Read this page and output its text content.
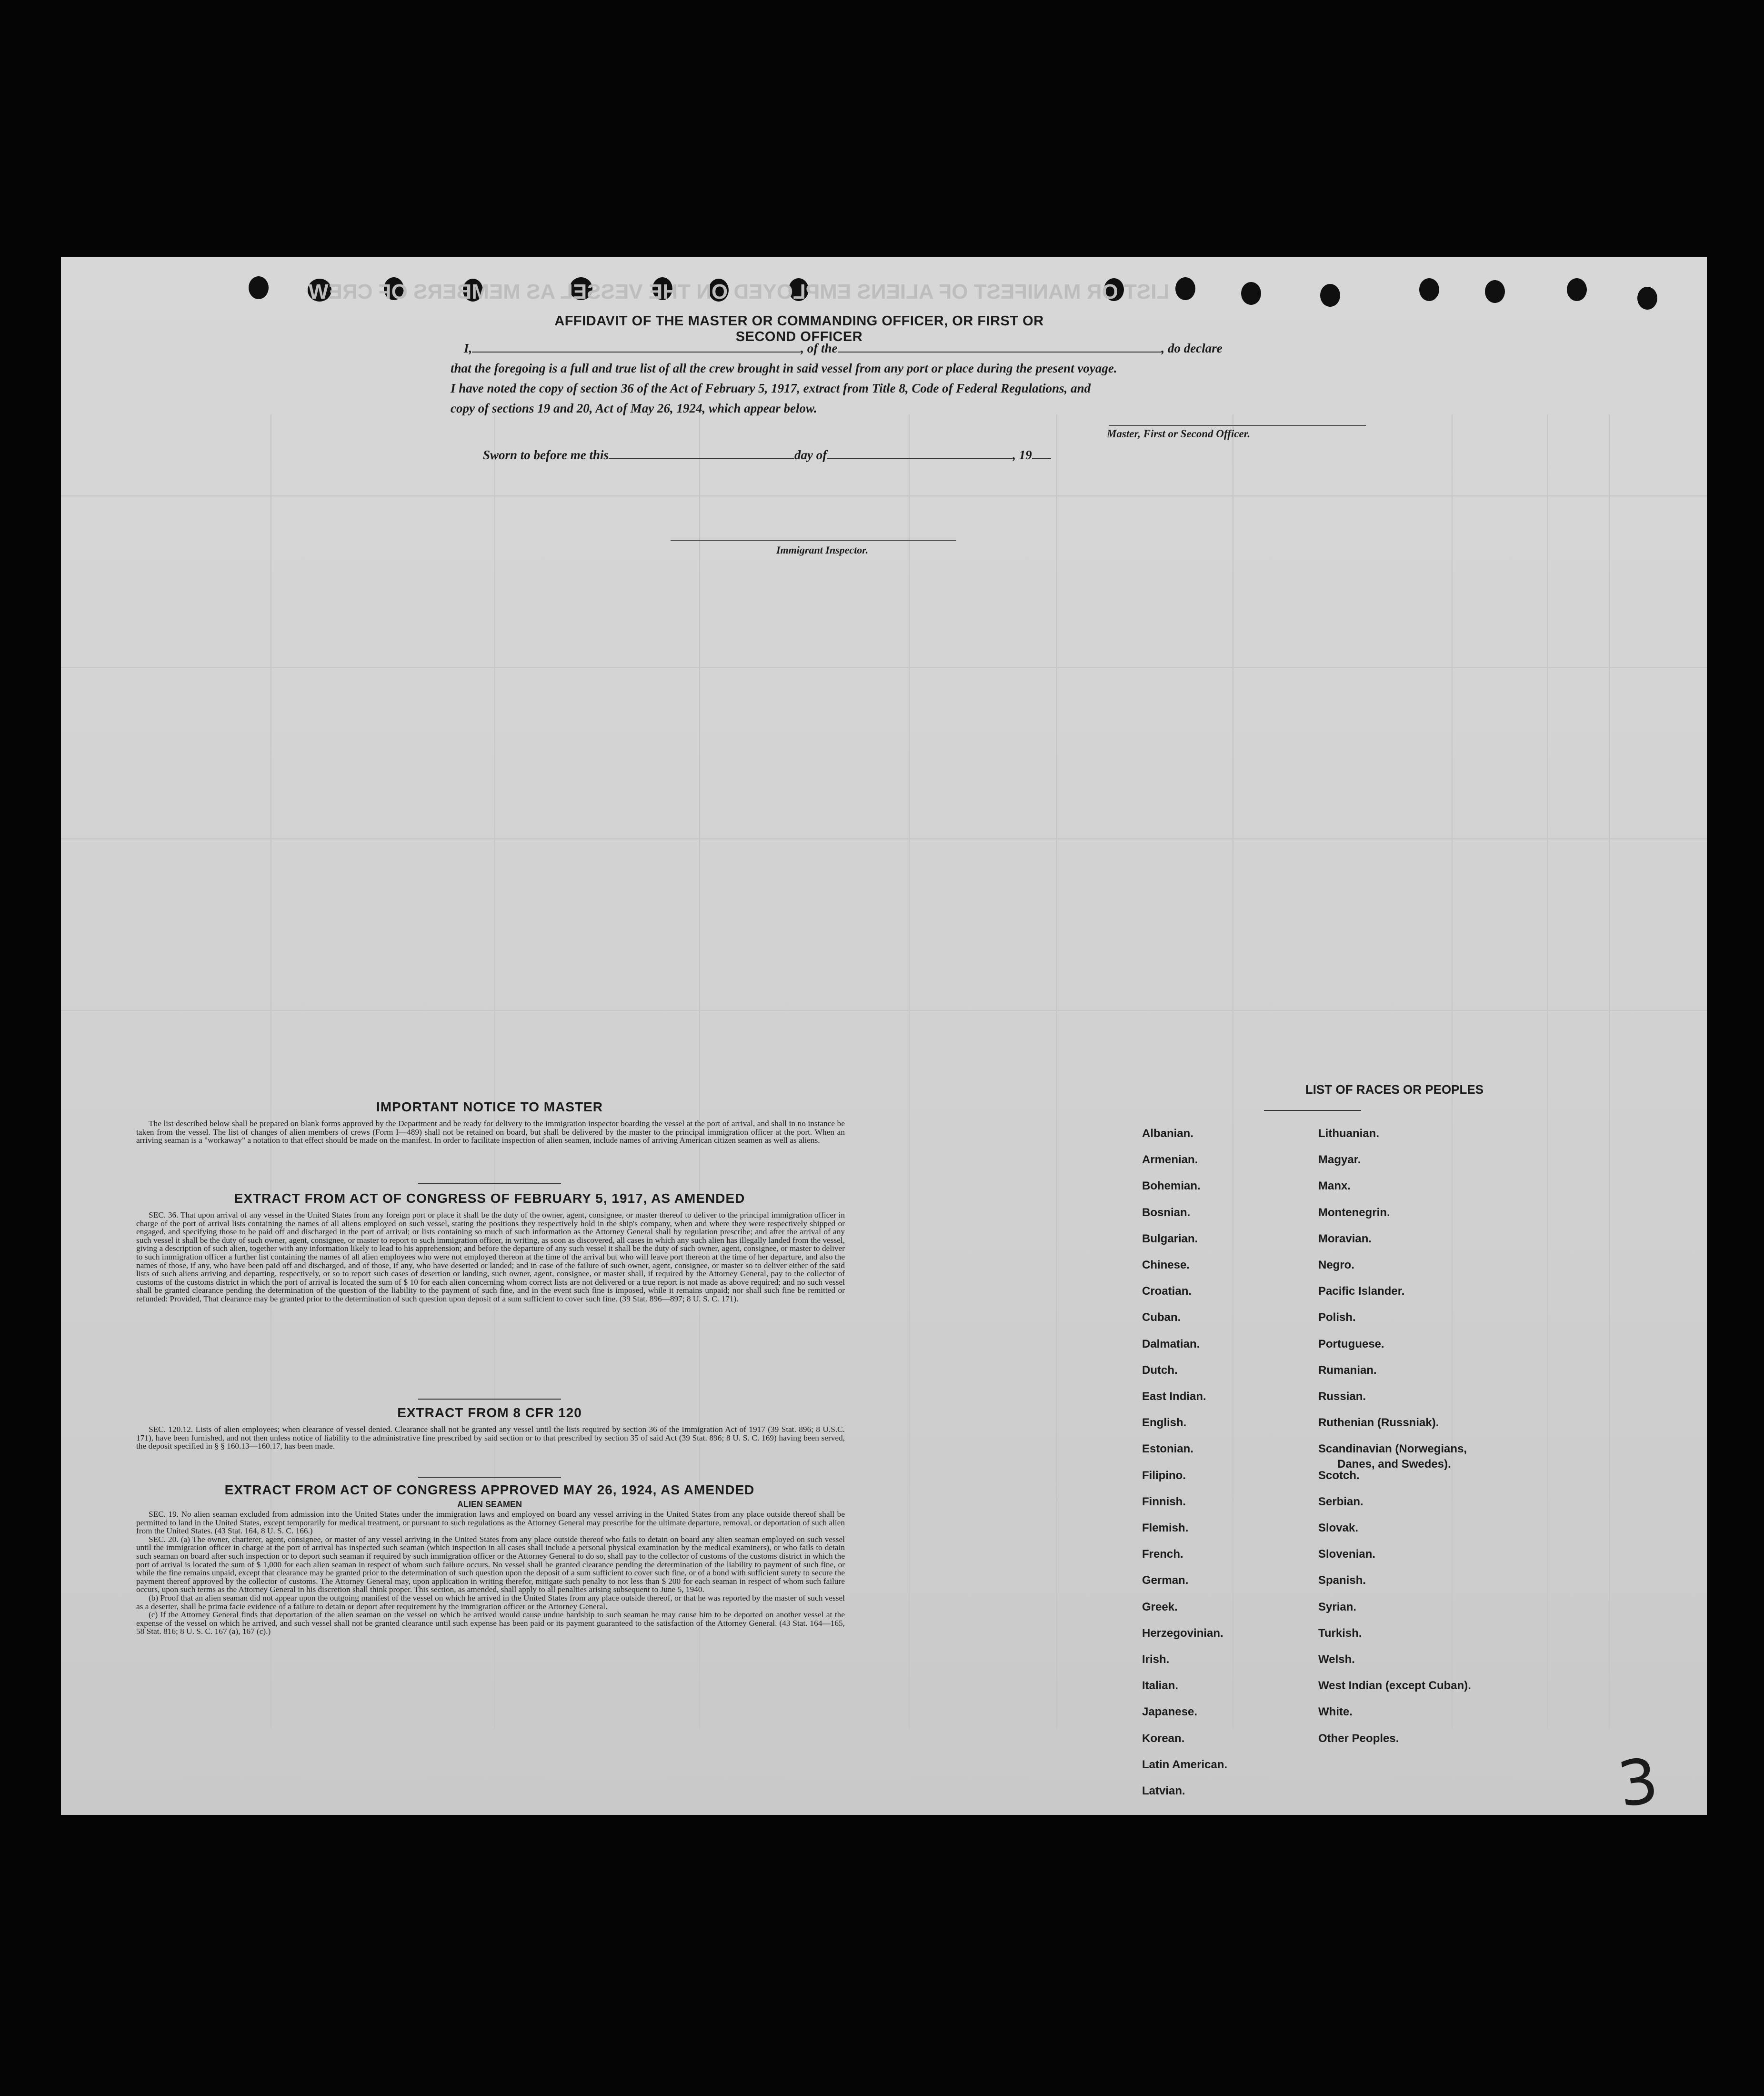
LIST OR MANIFEST OF ALIENS EMPLOYED ON THE VESSEL AS MEMBERS OF CREW
AFFIDAVIT OF THE MASTER OR COMMANDING OFFICER, OR FIRST OR SECOND OFFICER
I,	, of the	, do declare
that the foregoing is a full and true list of all the crew brought in said vessel from any port or place during the present voyage.
I have noted the copy of section 36 of the Act of February 5, 1917, extract from Title 8, Code of Federal Regulations, and
copy of sections 19 and 20, Act of May 26, 1924, which appear below.
Master, First or Second Officer.
Sworn to before me this	day of	, 19
Immigrant Inspector.
IMPORTANT NOTICE TO MASTER

The list described below shall be prepared on blank forms approved by the Department and be ready for delivery to the immigration inspector boarding the vessel at the port of arrival, and shall in no instance be taken from the vessel. The list of changes of alien members of crews (Form I—489) shall not be retained on board, but shall be delivered by the master to the principal immigration officer at the port. When an arriving seaman is a "workaway" a notation to that effect should be made on the manifest. In order to facilitate inspection of alien seamen, include names of arriving American citizen seamen as well as aliens.

EXTRACT FROM ACT OF CONGRESS OF FEBRUARY 5, 1917, AS AMENDED

SEC. 36. That upon arrival of any vessel in the United States from any foreign port or place it shall be the duty of the owner, agent, consignee, or master thereof to deliver to the principal immigration officer in charge of the port of arrival lists containing the names of all aliens employed on such vessel, stating the positions they respectively hold in the ship's company, when and where they were respectively shipped or engaged, and specifying those to be paid off and discharged in the port of arrival; or lists containing so much of such information as the Attorney General shall by regulation prescribe; and after the arrival of any such vessel it shall be the duty of such owner, agent, consignee, or master to report to such immigration officer, in writing, as soon as discovered, all cases in which any such alien has illegally landed from the vessel, giving a description of such alien, together with any information likely to lead to his apprehension; and before the departure of any such vessel it shall be the duty of such owner, agent, consignee, or master to deliver to such immigration officer a further list containing the names of all alien employees who were not employed thereon at the time of the arrival but who will leave port thereon at the time of her departure, and also the names of those, if any, who have been paid off and discharged, and of those, if any, who have deserted or landed; and in case of the failure of such owner, agent, consignee, or master so to deliver either of the said lists of such aliens arriving and departing, respectively, or so to report such cases of desertion or landing, such owner, agent, consignee, or master shall, if required by the Attorney General, pay to the collector of customs of the customs district in which the port of arrival is located the sum of $ 10 for each alien concerning whom correct lists are not delivered or a true report is not made as above required; and no such vessel shall be granted clearance pending the determination of the question of the liability to the payment of such fine, and in the event such fine is imposed, while it remains unpaid; nor shall such fine be remitted or refunded: Provided, That clearance may be granted prior to the determination of such question upon deposit of a sum sufficient to cover such fine. (39 Stat. 896—897; 8 U. S. C. 171).

EXTRACT FROM 8 CFR 120

SEC. 120.12. Lists of alien employees; when clearance of vessel denied. Clearance shall not be granted any vessel until the lists required by section 36 of the Immigration Act of 1917 (39 Stat. 896; 8 U.S.C. 171), have been furnished, and not then unless notice of liability to the administrative fine prescribed by said section or to that prescribed by section 35 of said Act (39 Stat. 896; 8 U. S. C. 169) having been served, the deposit specified in § § 160.13—160.17, has been made.

EXTRACT FROM ACT OF CONGRESS APPROVED MAY 26, 1924, AS AMENDED
ALIEN SEAMEN

SEC. 19. No alien seaman excluded from admission into the United States under the immigration laws and employed on board any vessel arriving in the United States from any place outside thereof shall be permitted to land in the United States, except temporarily for medical treatment, or pursuant to such regulations as the Attorney General may prescribe for the ultimate departure, removal, or deportation of such alien from the United States. (43 Stat. 164, 8 U. S. C. 166.)

SEC. 20. (a) The owner, charterer, agent, consignee, or master of any vessel arriving in the United States from any place outside thereof who fails to detain on board any alien seaman employed on such vessel until the immigration officer in charge at the port of arrival has inspected such seaman (which inspection in all cases shall include a personal physical examination by the medical examiners), or who fails to detain such seaman on board after such inspection or to deport such seaman if required by such immigration officer or the Attorney General to do so, shall pay to the collector of customs of the customs district in which the port of arrival is located the sum of $ 1,000 for each alien seaman in respect of whom such failure occurs. No vessel shall be granted clearance pending the determination of the liability to payment of such fine, or while the fine remains unpaid, except that clearance may be granted prior to the determination of such question upon the deposit of a sum sufficient to cover such fine, or of a bond with sufficient surety to secure the payment thereof approved by the collector of customs. The Attorney General may, upon application in writing therefor, mitigate such penalty to not less than $ 200 for each seaman in respect of whom such failure occurs, upon such terms as the Attorney General in his discretion shall think proper. This section, as amended, shall apply to all penalties arising subsequent to June 5, 1940.

(b) Proof that an alien seaman did not appear upon the outgoing manifest of the vessel on which he arrived in the United States from any place outside thereof, or that he was reported by the master of such vessel as a deserter, shall be prima facie evidence of a failure to detain or deport after requirement by the immigration officer or the Attorney General.

(c) If the Attorney General finds that deportation of the alien seaman on the vessel on which he arrived would cause undue hardship to such seaman he may cause him to be deported on another vessel at the expense of the vessel on which he arrived, and such vessel shall not be granted clearance until such expense has been paid or its payment guaranteed to the satisfaction of the Attorney General. (43 Stat. 164—165, 58 Stat. 816; 8 U. S. C. 167 (a), 167 (c).)

LIST OF RACES OR PEOPLES
Albanian.
Armenian.
Bohemian.
Bosnian.
Bulgarian.
Chinese.
Croatian.
Cuban.
Dalmatian.
Dutch.
East Indian.
English.
Estonian.
Filipino.
Finnish.
Flemish.
French.
German.
Greek.
Herzegovinian.
Irish.
Italian.
Japanese.
Korean.
Latin American.
Latvian.
Lithuanian.
Magyar.
Manx.
Montenegrin.
Moravian.
Negro.
Pacific Islander.
Polish.
Portuguese.
Rumanian.
Russian.
Ruthenian (Russniak).
Scandinavian (Norwegians,
Danes, and Swedes).
Scotch.
Serbian.
Slovak.
Slovenian.
Spanish.
Syrian.
Turkish.
Welsh.
West Indian (except Cuban).
White.
Other Peoples.
3
